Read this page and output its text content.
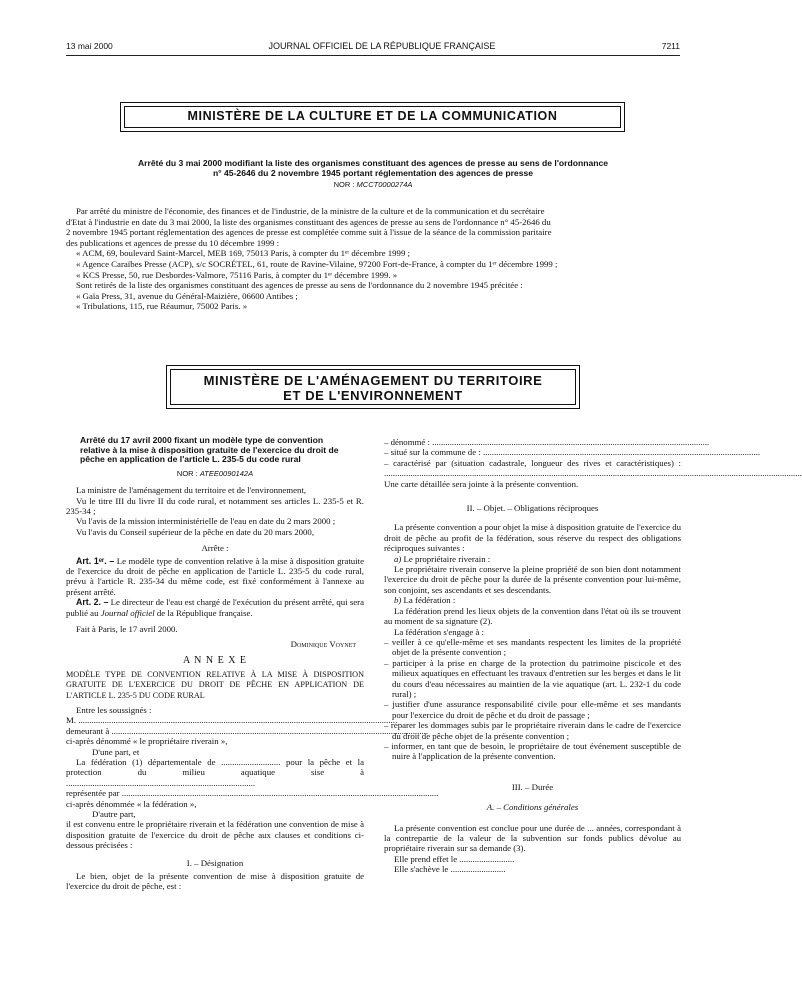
13 mai 2000	JOURNAL OFFICIEL DE LA RÉPUBLIQUE FRANÇAISE	7211
MINISTÈRE DE LA CULTURE ET DE LA COMMUNICATION
Arrêté du 3 mai 2000 modifiant la liste des organismes constituant des agences de presse au sens de l'ordonnance
n° 45-2646 du 2 novembre 1945 portant réglementation des agences de presse
NOR : MCCT0000274A
Par arrêté du ministre de l'économie, des finances et de l'industrie, de la ministre de la culture et de la communication et du secrétaire
d'Etat à l'industrie en date du 3 mai 2000, la liste des organismes constituant des agences de presse au sens de l'ordonnance n° 45-2646 du
2 novembre 1945 portant réglementation des agences de presse est complétée comme suit à l'issue de la séance de la commission paritaire
des publications et agences de presse du 10 décembre 1999 :
« ACM, 69, boulevard Saint-Marcel, MEB 169, 75013 Paris, à compter du 1ᵉʳ décembre 1999 ;
« Agence Caraïbes Presse (ACP), s/c SOCRÉTEL, 61, route de Ravine-Vilaine, 97200 Fort-de-France, à compter du 1ᵉʳ décembre 1999 ;
« KCS Presse, 50, rue Desbordes-Valmore, 75116 Paris, à compter du 1ᵉʳ décembre 1999. »
Sont retirés de la liste des organismes constituant des agences de presse au sens de l'ordonnance du 2 novembre 1945 précitée :
« Gaïa Press, 31, avenue du Général-Maizière, 06600 Antibes ;
« Tribulations, 115, rue Réaumur, 75002 Paris. »
MINISTÈRE DE L'AMÉNAGEMENT DU TERRITOIRE
ET DE L'ENVIRONNEMENT
Arrêté du 17 avril 2000 fixant un modèle type de convention relative à la mise à disposition gratuite de l'exercice du droit de pêche en application de l'article L. 235-5 du code rural
NOR : ATEE0090142A

La ministre de l'aménagement du territoire et de l'environnement,

Vu le titre III du livre II du code rural, et notamment ses articles L. 235-5 et R. 235-34 ;

Vu l'avis de la mission interministérielle de l'eau en date du 2 mars 2000 ;

Vu l'avis du Conseil supérieur de la pêche en date du 20 mars 2000,

Arrête :

Art. 1ᵉʳ. – Le modèle type de convention relative à la mise à disposition gratuite de l'exercice du droit de pêche en application de l'article L. 235-5 du code rural, prévu à l'article R. 235-34 du même code, est fixé conformément à l'annexe au présent arrêté.

Art. 2. – Le directeur de l'eau est chargé de l'exécution du présent arrêté, qui sera publié au Journal officiel de la République française.

Fait à Paris, le 17 avril 2000.

Dominique Voynet

A N N E X E

MODÈLE TYPE DE CONVENTION RELATIVE À LA MISE À DISPOSITION GRATUITE DE L'EXERCICE DU DROIT DE PÊCHE EN APPLICATION DE L'ARTICLE L. 235-5 DU CODE RURAL

Entre les soussignés :

M. ................................................................................................................................................

demeurant à ................................................................................................................................................

ci-après dénommé « le propriétaire riverain »,

D'une part, et

La fédération (1) départementale de ........................... pour la pêche et la protection du milieu aquatique sise à ......................................................................................

représentée par ................................................................................................................................................

ci-après dénommée « la fédération »,

D'autre part,

il est convenu entre le propriétaire riverain et la fédération une convention de mise à disposition gratuite de l'exercice du droit de pêche aux clauses et conditions ci-dessous précisées :

I. – Désignation

Le bien, objet de la présente convention de mise à disposition gratuite de l'exercice du droit de pêche, est :

– dénommé : ..............................................................................................................................

– situé sur la commune de : ..............................................................................................................................

– caractérisé par (situation cadastrale, longueur des rives et caractéristiques) : ..............................................................................................................................................................................................

Une carte détaillée sera jointe à la présente convention.

II. – Objet. – Obligations réciproques

La présente convention a pour objet la mise à disposition gratuite de l'exercice du droit de pêche au profit de la fédération, sous réserve du respect des obligations réciproques suivantes :

a) Le propriétaire riverain :

Le propriétaire riverain conserve la pleine propriété de son bien dont notamment l'exercice du droit de pêche pour la durée de la présente convention pour lui-même, son conjoint, ses ascendants et ses descendants.

b) La fédération :

La fédération prend les lieux objets de la convention dans l'état où ils se trouvent au moment de sa signature (2).

La fédération s'engage à :

– veiller à ce qu'elle-même et ses mandants respectent les limites de la propriété objet de la présente convention ;

– participer à la prise en charge de la protection du patrimoine piscicole et des milieux aquatiques en effectuant les travaux d'entretien sur les berges et dans le lit du cours d'eau nécessaires au maintien de la vie aquatique (art. L. 232-1 du code rural) ;

– justifier d'une assurance responsabilité civile pour elle-même et ses mandants pour l'exercice du droit de pêche et du droit de passage ;

– réparer les dommages subis par le propriétaire riverain dans le cadre de l'exercice du droit de pêche objet de la présente convention ;

– informer, en tant que de besoin, le propriétaire de tout événement susceptible de nuire à l'application de la présente convention.

III. – Durée

A. – Conditions générales

La présente convention est conclue pour une durée de ... années, correspondant à la contrepartie de la valeur de la subvention sur fonds publics dévolue au propriétaire riverain sur sa demande (3).

Elle prend effet le .........................

Elle s'achève le .........................
